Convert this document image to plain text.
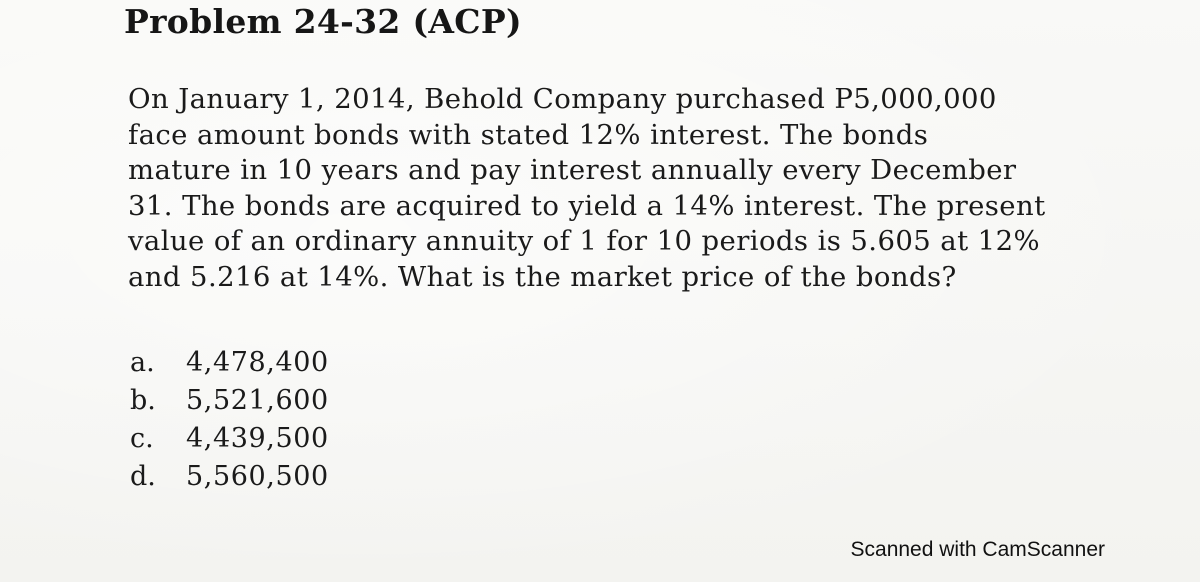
Problem 24-32 (ACP)

On January 1, 2014, Behold Company purchased P5,000,000
face amount bonds with stated 12% interest. The bonds
mature in 10 years and pay interest annually every December
31. The bonds are acquired to yield a 14% interest. The present
value of an ordinary annuity of 1 for 10 periods is 5.605 at 12%
and 5.216 at 14%. What is the market price of the bonds?

a.	4,478,400
b.	5,521,600
c.	4,439,500
d.	5,560,500
Scanned with CamScanner
